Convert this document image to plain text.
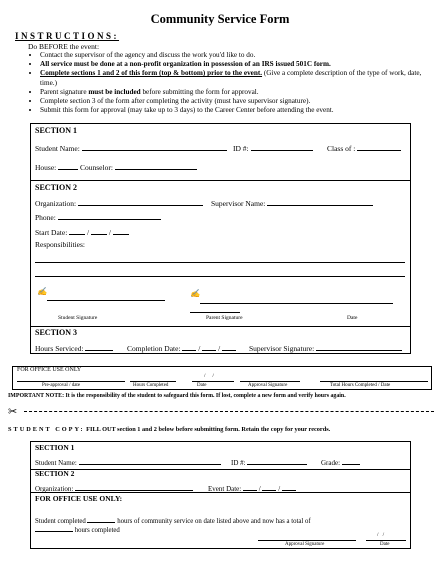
Community Service Form
INSTRUCTIONS:
Do BEFORE the event:
• Contact the supervisor of the agency and discuss the work you'd like to do.
• All service must be done at a non-profit organization in possession of an IRS issued 501C form.
• Complete sections 1 and 2 of this form (top & bottom) prior to the event. (Give a complete description of the type of work, date, time.)
• Parent signature must be included before submitting the form for approval.
• Complete section 3 of the form after completing the activity (must have supervisor signature).
• Submit this form for approval (may take up to 3 days) to the Career Center before attending the event.
SECTION 1
Student Name:	ID #:	Class of :
House:	Counselor:
SECTION 2
Organization:	Supervisor Name:
Phone:
Start Date:  /  /
Responsibilities:
✍	✍
Student Signature	Parent Signature	Date
SECTION 3
Hours Serviced:	Completion Date:  /  /	Supervisor Signature:
FOR OFFICE USE ONLY
/     /
Pre-approval / date	Hours Completed	Date	Approval Signature	Total Hours Completed / Date
IMPORTANT NOTE: It is the responsibility of the student to safeguard this form. If lost, complete a new form and verify hours again.
✂
STUDENT COPY: FILL OUT section 1 and 2 below before submitting form. Retain the copy for your records.
SECTION 1
Student Name:	ID #:	Grade:
SECTION 2
Organization:	Event Date:  /  /
FOR OFFICE USE ONLY:
Student completed	hours of community service on date listed above and now has a total of
hours completed
/   /
Approval Signature	Date
